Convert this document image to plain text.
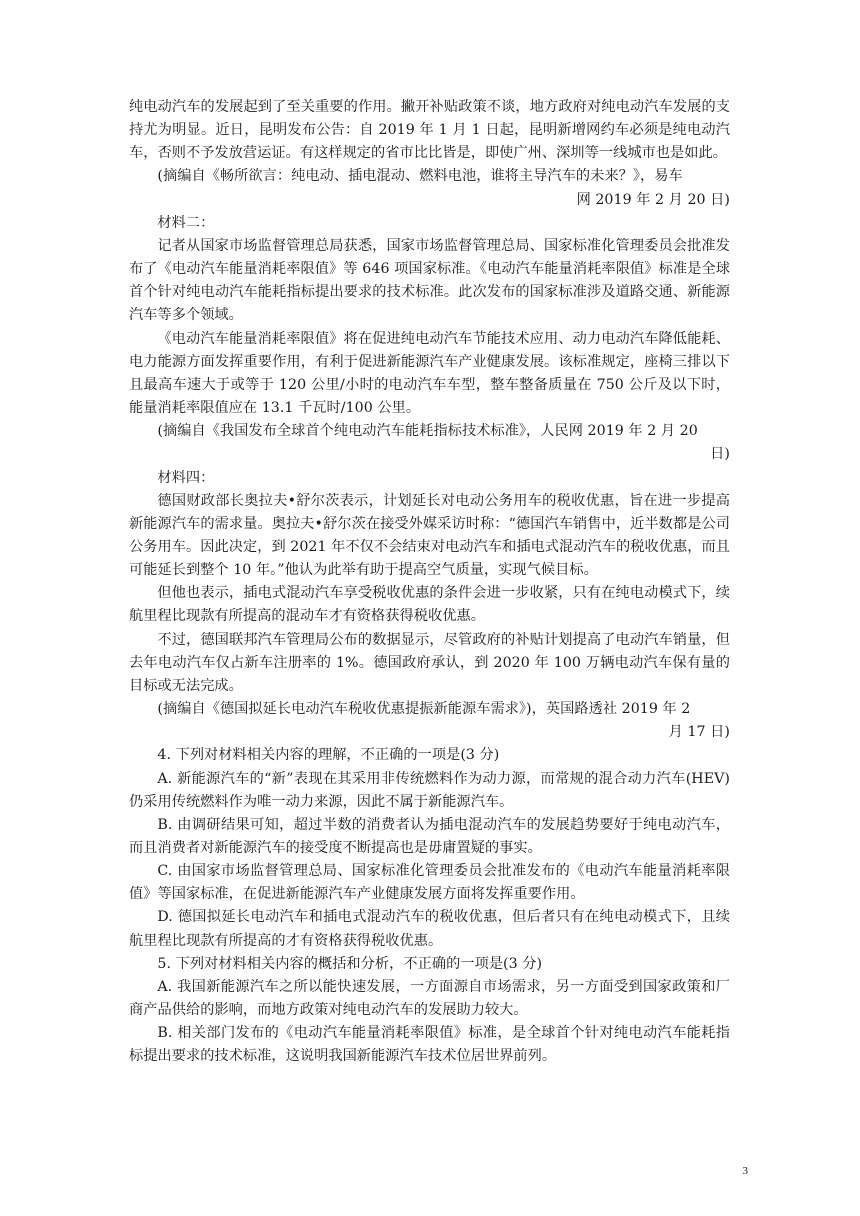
纯电动汽车的发展起到了至关重要的作用。撇开补贴政策不谈，地方政府对纯电动汽车发展的支持尤为明显。近日，昆明发布公告：自 2019 年 1 月 1 日起，昆明新增网约车必须是纯电动汽车，否则不予发放营运证。有这样规定的省市比比皆是，即使广州、深圳等一线城市也是如此。

(摘编自《畅所欲言：纯电动、插电混动、燃料电池，谁将主导汽车的未来？》，易车

网 2019 年 2 月 20 日)

材料二：

记者从国家市场监督管理总局获悉，国家市场监督管理总局、国家标准化管理委员会批准发布了《电动汽车能量消耗率限值》等 646 项国家标准。《电动汽车能量消耗率限值》标准是全球首个针对纯电动汽车能耗指标提出要求的技术标准。此次发布的国家标准涉及道路交通、新能源汽车等多个领域。

《电动汽车能量消耗率限值》将在促进纯电动汽车节能技术应用、动力电动汽车降低能耗、电力能源方面发挥重要作用，有利于促进新能源汽车产业健康发展。该标准规定，座椅三排以下且最高车速大于或等于 120 公里/小时的电动汽车车型，整车整备质量在 750 公斤及以下时，能量消耗率限值应在 13.1 千瓦时/100 公里。

(摘编自《我国发布全球首个纯电动汽车能耗指标技术标准》，人民网 2019 年 2 月 20

日)

材料四：

德国财政部长奥拉夫•舒尔茨表示，计划延长对电动公务用车的税收优惠，旨在进一步提高新能源汽车的需求量。奥拉夫•舒尔茨在接受外媒采访时称：“德国汽车销售中，近半数都是公司公务用车。因此决定，到 2021 年不仅不会结束对电动汽车和插电式混动汽车的税收优惠，而且可能延长到整个 10 年。”他认为此举有助于提高空气质量，实现气候目标。

但他也表示，插电式混动汽车享受税收优惠的条件会进一步收紧，只有在纯电动模式下，续航里程比现款有所提高的混动车才有资格获得税收优惠。

不过，德国联邦汽车管理局公布的数据显示，尽管政府的补贴计划提高了电动汽车销量，但去年电动汽车仅占新车注册率的 1%。德国政府承认，到 2020 年 100 万辆电动汽车保有量的目标或无法完成。

(摘编自《德国拟延长电动汽车税收优惠提振新能源车需求》)，英国路透社 2019 年 2

月 17 日)

4. 下列对材料相关内容的理解，不正确的一项是(3 分)

A. 新能源汽车的“新”表现在其采用非传统燃料作为动力源，而常规的混合动力汽车(HEV)仍采用传统燃料作为唯一动力来源，因此不属于新能源汽车。

B. 由调研结果可知，超过半数的消费者认为插电混动汽车的发展趋势要好于纯电动汽车，而且消费者对新能源汽车的接受度不断提高也是毋庸置疑的事实。

C. 由国家市场监督管理总局、国家标准化管理委员会批准发布的《电动汽车能量消耗率限值》等国家标准，在促进新能源汽车产业健康发展方面将发挥重要作用。

D. 德国拟延长电动汽车和插电式混动汽车的税收优惠，但后者只有在纯电动模式下，且续航里程比现款有所提高的才有资格获得税收优惠。

5. 下列对材料相关内容的概括和分析，不正确的一项是(3 分)

A. 我国新能源汽车之所以能快速发展，一方面源自市场需求，另一方面受到国家政策和厂商产品供给的影响，而地方政策对纯电动汽车的发展助力较大。

B. 相关部门发布的《电动汽车能量消耗率限值》标准，是全球首个针对纯电动汽车能耗指标提出要求的技术标准，这说明我国新能源汽车技术位居世界前列。

3
